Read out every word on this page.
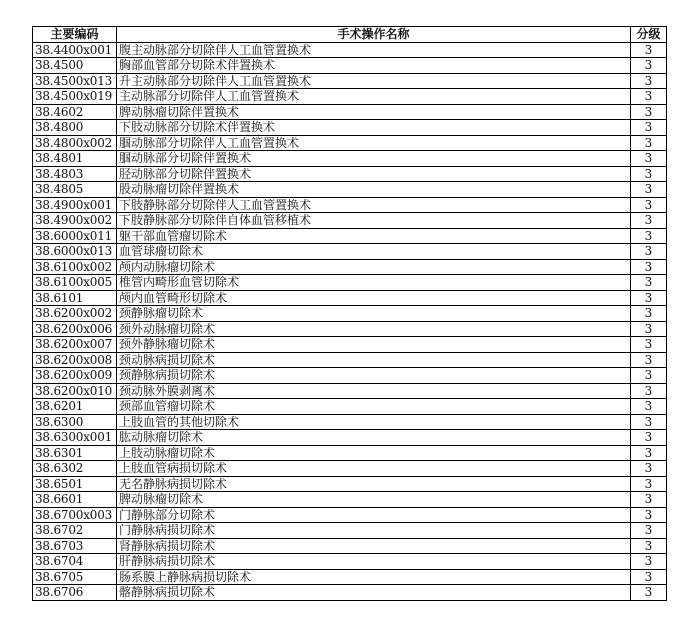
主要编码	手术操作名称	分级
38.4400x001	腹主动脉部分切除伴人工血管置换术	3
38.4500	胸部血管部分切除术伴置换术	3
38.4500x013	升主动脉部分切除伴人工血管置换术	3
38.4500x019	主动脉部分切除伴人工血管置换术	3
38.4602	脾动脉瘤切除伴置换术	3
38.4800	下肢动脉部分切除术伴置换术	3
38.4800x002	腘动脉部分切除伴人工血管置换术	3
38.4801	腘动脉部分切除伴置换术	3
38.4803	胫动脉部分切除伴置换术	3
38.4805	股动脉瘤切除伴置换术	3
38.4900x001	下肢静脉部分切除伴人工血管置换术	3
38.4900x002	下肢静脉部分切除伴自体血管移植术	3
38.6000x011	躯干部血管瘤切除术	3
38.6000x013	血管球瘤切除术	3
38.6100x002	颅内动脉瘤切除术	3
38.6100x005	椎管内畸形血管切除术	3
38.6101	颅内血管畸形切除术	3
38.6200x002	颈静脉瘤切除术	3
38.6200x006	颈外动脉瘤切除术	3
38.6200x007	颈外静脉瘤切除术	3
38.6200x008	颈动脉病损切除术	3
38.6200x009	颈静脉病损切除术	3
38.6200x010	颈动脉外膜剥离术	3
38.6201	颈部血管瘤切除术	3
38.6300	上肢血管的其他切除术	3
38.6300x001	肱动脉瘤切除术	3
38.6301	上肢动脉瘤切除术	3
38.6302	上肢血管病损切除术	3
38.6501	无名静脉病损切除术	3
38.6601	脾动脉瘤切除术	3
38.6700x003	门静脉部分切除术	3
38.6702	门静脉病损切除术	3
38.6703	肾静脉病损切除术	3
38.6704	肝静脉病损切除术	3
38.6705	肠系膜上静脉病损切除术	3
38.6706	髂静脉病损切除术	3
